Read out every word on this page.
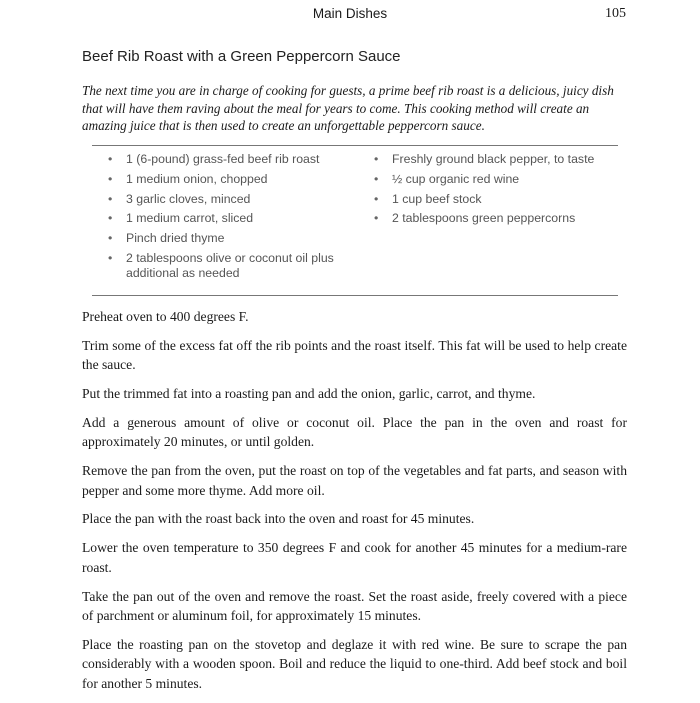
Main Dishes	105
Beef Rib Roast with a Green Peppercorn Sauce

The next time you are in charge of cooking for guests, a prime beef rib roast is a delicious, juicy dish that will have them raving about the meal for years to come. This cooking method will create an amazing juice that is then used to create an unforgettable peppercorn sauce.

• 1 (6-pound) grass-fed beef rib roast
• 1 medium onion, chopped
• 3 garlic cloves, minced
• 1 medium carrot, sliced
• Pinch dried thyme
• 2 tablespoons olive or coconut oil plus additional as needed
• Freshly ground black pepper, to taste
• ½ cup organic red wine
• 1 cup beef stock
• 2 tablespoons green peppercorns

Preheat oven to 400 degrees F.

Trim some of the excess fat off the rib points and the roast itself. This fat will be used to help create the sauce.

Put the trimmed fat into a roasting pan and add the onion, garlic, carrot, and thyme.

Add a generous amount of olive or coconut oil. Place the pan in the oven and roast for approximately 20 minutes, or until golden.

Remove the pan from the oven, put the roast on top of the vegetables and fat parts, and season with pepper and some more thyme. Add more oil.

Place the pan with the roast back into the oven and roast for 45 minutes.

Lower the oven temperature to 350 degrees F and cook for another 45 minutes for a medium-rare roast.

Take the pan out of the oven and remove the roast. Set the roast aside, freely covered with a piece of parchment or aluminum foil, for approximately 15 minutes.

Place the roasting pan on the stovetop and deglaze it with red wine. Be sure to scrape the pan considerably with a wooden spoon. Boil and reduce the liquid to one-third. Add beef stock and boil for another 5 minutes.
